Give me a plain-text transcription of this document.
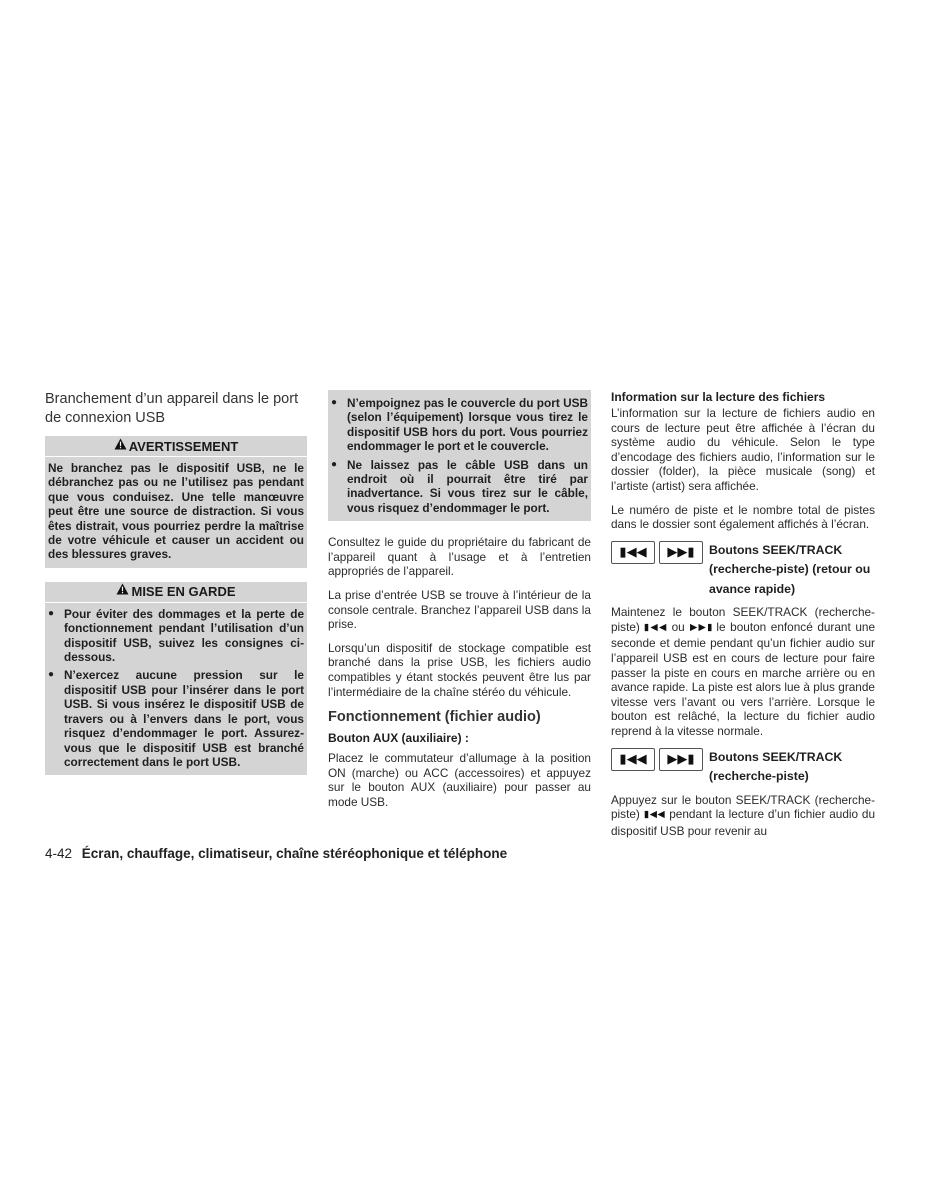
Branchement d’un appareil dans le port de connexion USB
AVERTISSEMENT
Ne branchez pas le dispositif USB, ne le débranchez pas ou ne l’utilisez pas pendant que vous conduisez. Une telle manœuvre peut être une source de distraction. Si vous êtes distrait, vous pourriez perdre la maîtrise de votre véhicule et causer un accident ou des blessures graves.
MISE EN GARDE
● Pour éviter des dommages et la perte de fonctionnement pendant l’utilisation d’un dispositif USB, suivez les consignes ci-dessous.
● N’exercez aucune pression sur le dispositif USB pour l’insérer dans le port USB. Si vous insérez le dispositif USB de travers ou à l’envers dans le port, vous risquez d’endommager le port. Assurez-vous que le dispositif USB est branché correctement dans le port USB.
● N’empoignez pas le couvercle du port USB (selon l’équipement) lorsque vous tirez le dispositif USB hors du port. Vous pourriez endommager le port et le couvercle.
● Ne laissez pas le câble USB dans un endroit où il pourrait être tiré par inadvertance. Si vous tirez sur le câble, vous risquez d’endommager le port.

Consultez le guide du propriétaire du fabricant de l’appareil quant à l’usage et à l’entretien appropriés de l’appareil.

La prise d’entrée USB se trouve à l’intérieur de la console centrale. Branchez l’appareil USB dans la prise.

Lorsqu’un dispositif de stockage compatible est branché dans la prise USB, les fichiers audio compatibles y étant stockés peuvent être lus par l’intermédiaire de la chaîne stéréo du véhicule.

Fonctionnement (fichier audio)
Bouton AUX (auxiliaire) :

Placez le commutateur d’allumage à la position ON (marche) ou ACC (accessoires) et appuyez sur le bouton AUX (auxiliaire) pour passer au mode USB.

Information sur la lecture des fichiers

L’information sur la lecture de fichiers audio en cours de lecture peut être affichée à l’écran du système audio du véhicule. Selon le type d’encodage des fichiers audio, l’information sur le dossier (folder), la pièce musicale (song) et l’artiste (artist) sera affichée.

Le numéro de piste et le nombre total de pistes dans le dossier sont également affichés à l’écran.

▮◀◀ ▶▶▮ Boutons SEEK/TRACK (recherche-piste) (retour ou avance rapide)

Maintenez le bouton SEEK/TRACK (recherche-piste) ▮◀◀ ou ▶▶▮ le bouton enfoncé durant une seconde et demie pendant qu’un fichier audio sur l’appareil USB est en cours de lecture pour faire passer la piste en cours en marche arrière ou en avance rapide. La piste est alors lue à plus grande vitesse vers l’avant ou vers l’arrière. Lorsque le bouton est relâché, la lecture du fichier audio reprend à la vitesse normale.

▮◀◀ ▶▶▮ Boutons SEEK/TRACK (recherche-piste)

Appuyez sur le bouton SEEK/TRACK (recherche-piste) ▮◀◀ pendant la lecture d’un fichier audio du dispositif USB pour revenir au

4-42 Écran, chauffage, climatiseur, chaîne stéréophonique et téléphone
